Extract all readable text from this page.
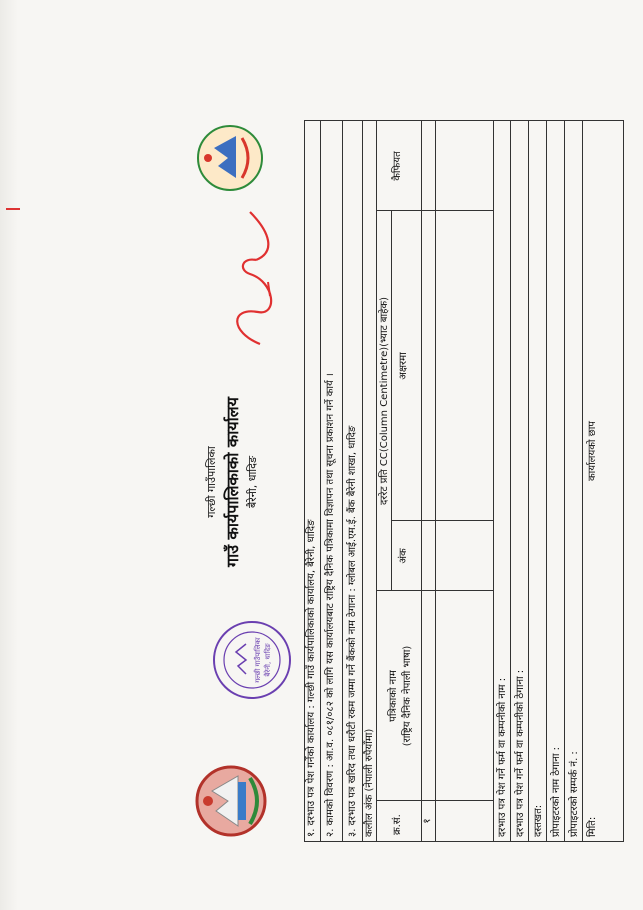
गल्छी गाउँपालिका बैरेनी, धादिङ
गल्छी गाउँपालिका गाउँ कार्यपालिकाको कार्यालय बैरेनी, धादिङ
१. दरभाउ पत्र पेश गर्नेको कार्यालय : गल्छी गाउँ कार्यपालिकाको कार्यालय, बैरेनी, धादिङ २. कामको विवरण : आ.व. ०८१/०८२ को लागि यस कार्यालयबाट राष्ट्रिय दैनिक पत्रिकामा विज्ञापन तथा सूचना प्रकाशन गर्ने कार्य ।	३. दरभाउ पत्र खरिद तथा धरौटी रकम जम्मा गर्ने बैंकको नाम ठेगाना : ग्लोबल आई.एम.ई. बैंक बैरेनी शाखा, धादिङ कलौल अंक (नेपाली रुपैयाँमा) क्र.सं.
पत्रिकाको नाम (राष्ट्रिय दैनिक नेपाली भाषा)
दररेट प्रति CC(Column Centimetre)(भ्याट बाहेक)
अंक
अक्षरमा
कैफियत
१	दरभाउ पत्र पेश गर्ने फर्म वा कम्पनीको नाम : दरभाउ पत्र पेश गर्ने फर्म वा कम्पनीको ठेगाना : दस्तखत: प्रोपाइटरको नाम ठेगाना : प्रोपाइटरको सम्पर्क नं. : मिति:
कार्यालयको छाप
